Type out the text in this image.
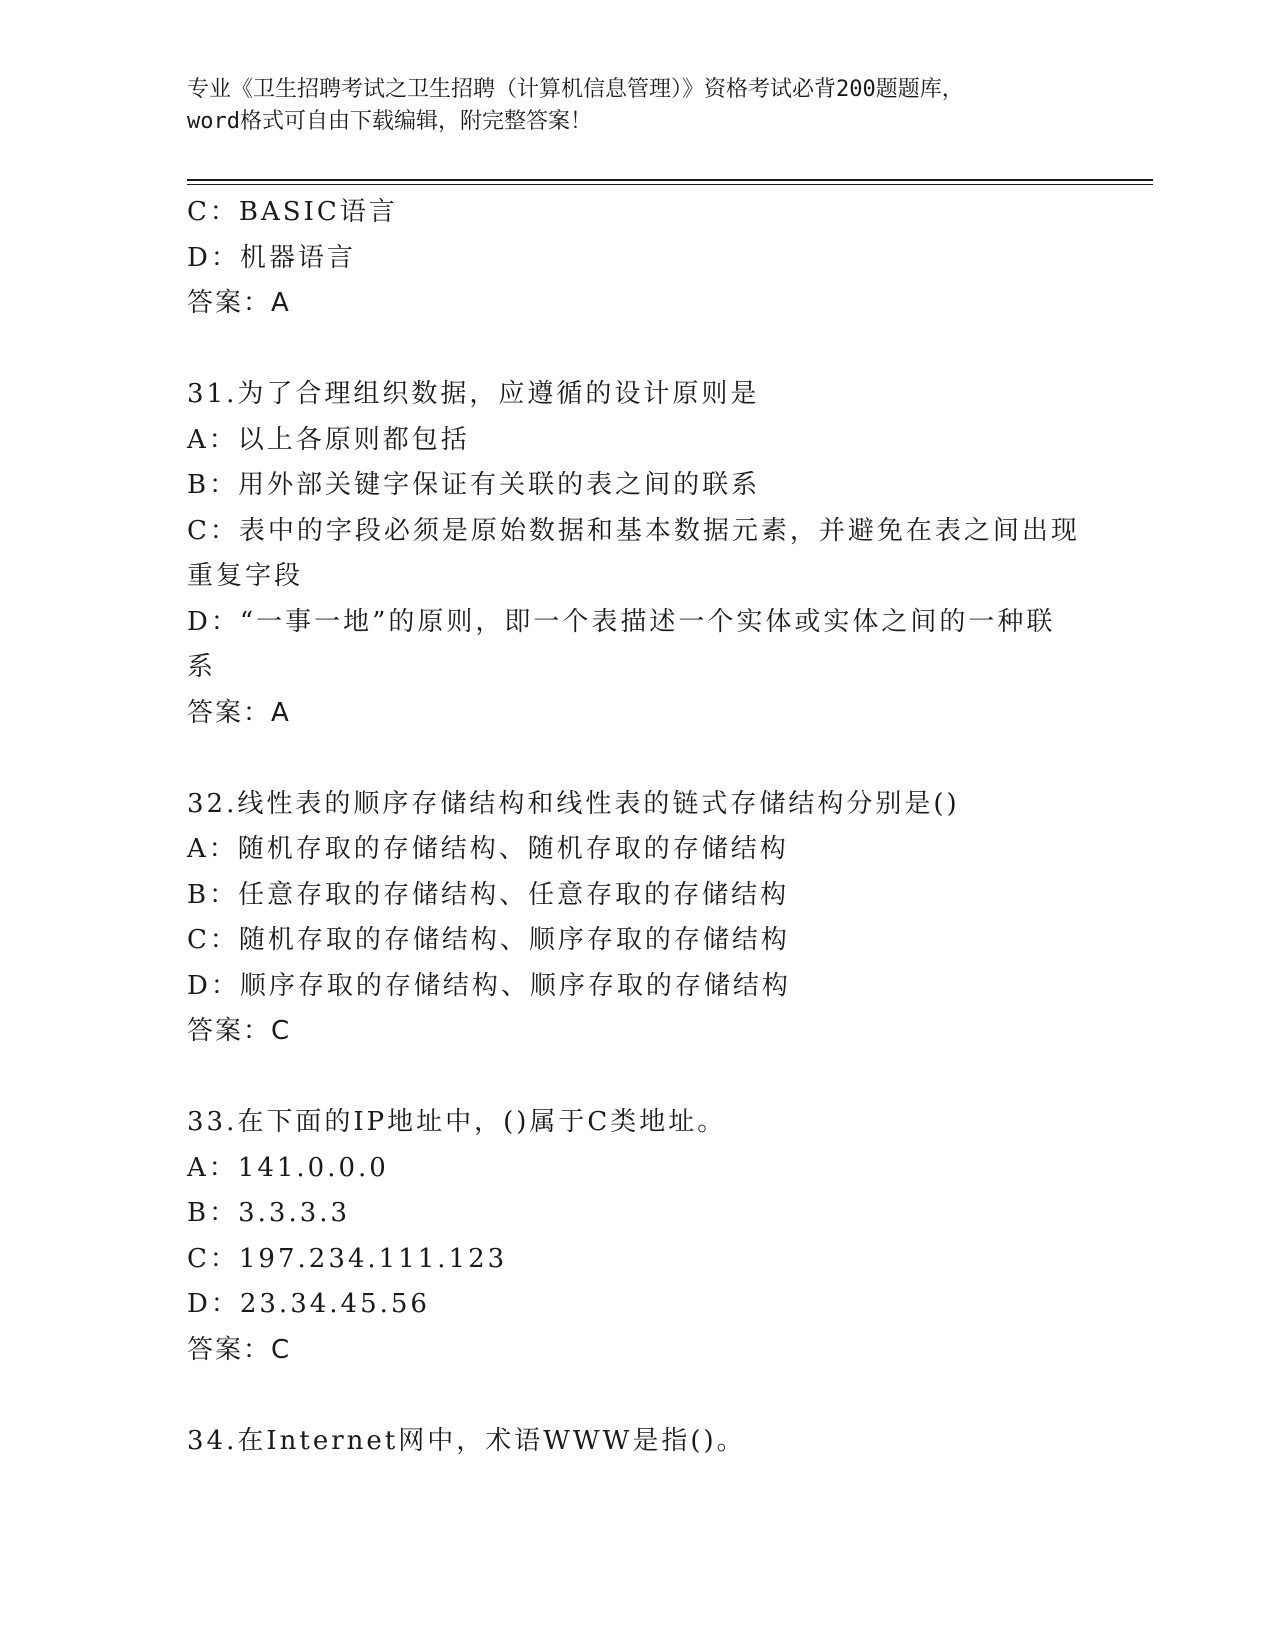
专业《卫生招聘考试之卫生招聘（计算机信息管理）》资格考试必背200题题库，
word格式可自由下载编辑，附完整答案！
C：BASIC语言
D：机器语言
答案：A
31.为了合理组织数据，应遵循的设计原则是
A：以上各原则都包括
B：用外部关键字保证有关联的表之间的联系
C：表中的字段必须是原始数据和基本数据元素，并避免在表之间出现
重复字段
D：“一事一地”的原则，即一个表描述一个实体或实体之间的一种联
系
答案：A
32.线性表的顺序存储结构和线性表的链式存储结构分别是()
A：随机存取的存储结构、随机存取的存储结构
B：任意存取的存储结构、任意存取的存储结构
C：随机存取的存储结构、顺序存取的存储结构
D：顺序存取的存储结构、顺序存取的存储结构
答案：C
33.在下面的IP地址中，()属于C类地址。
A：141.0.0.0
B：3.3.3.3
C：197.234.111.123
D：23.34.45.56
答案：C
34.在Internet网中，术语WWW是指()。
